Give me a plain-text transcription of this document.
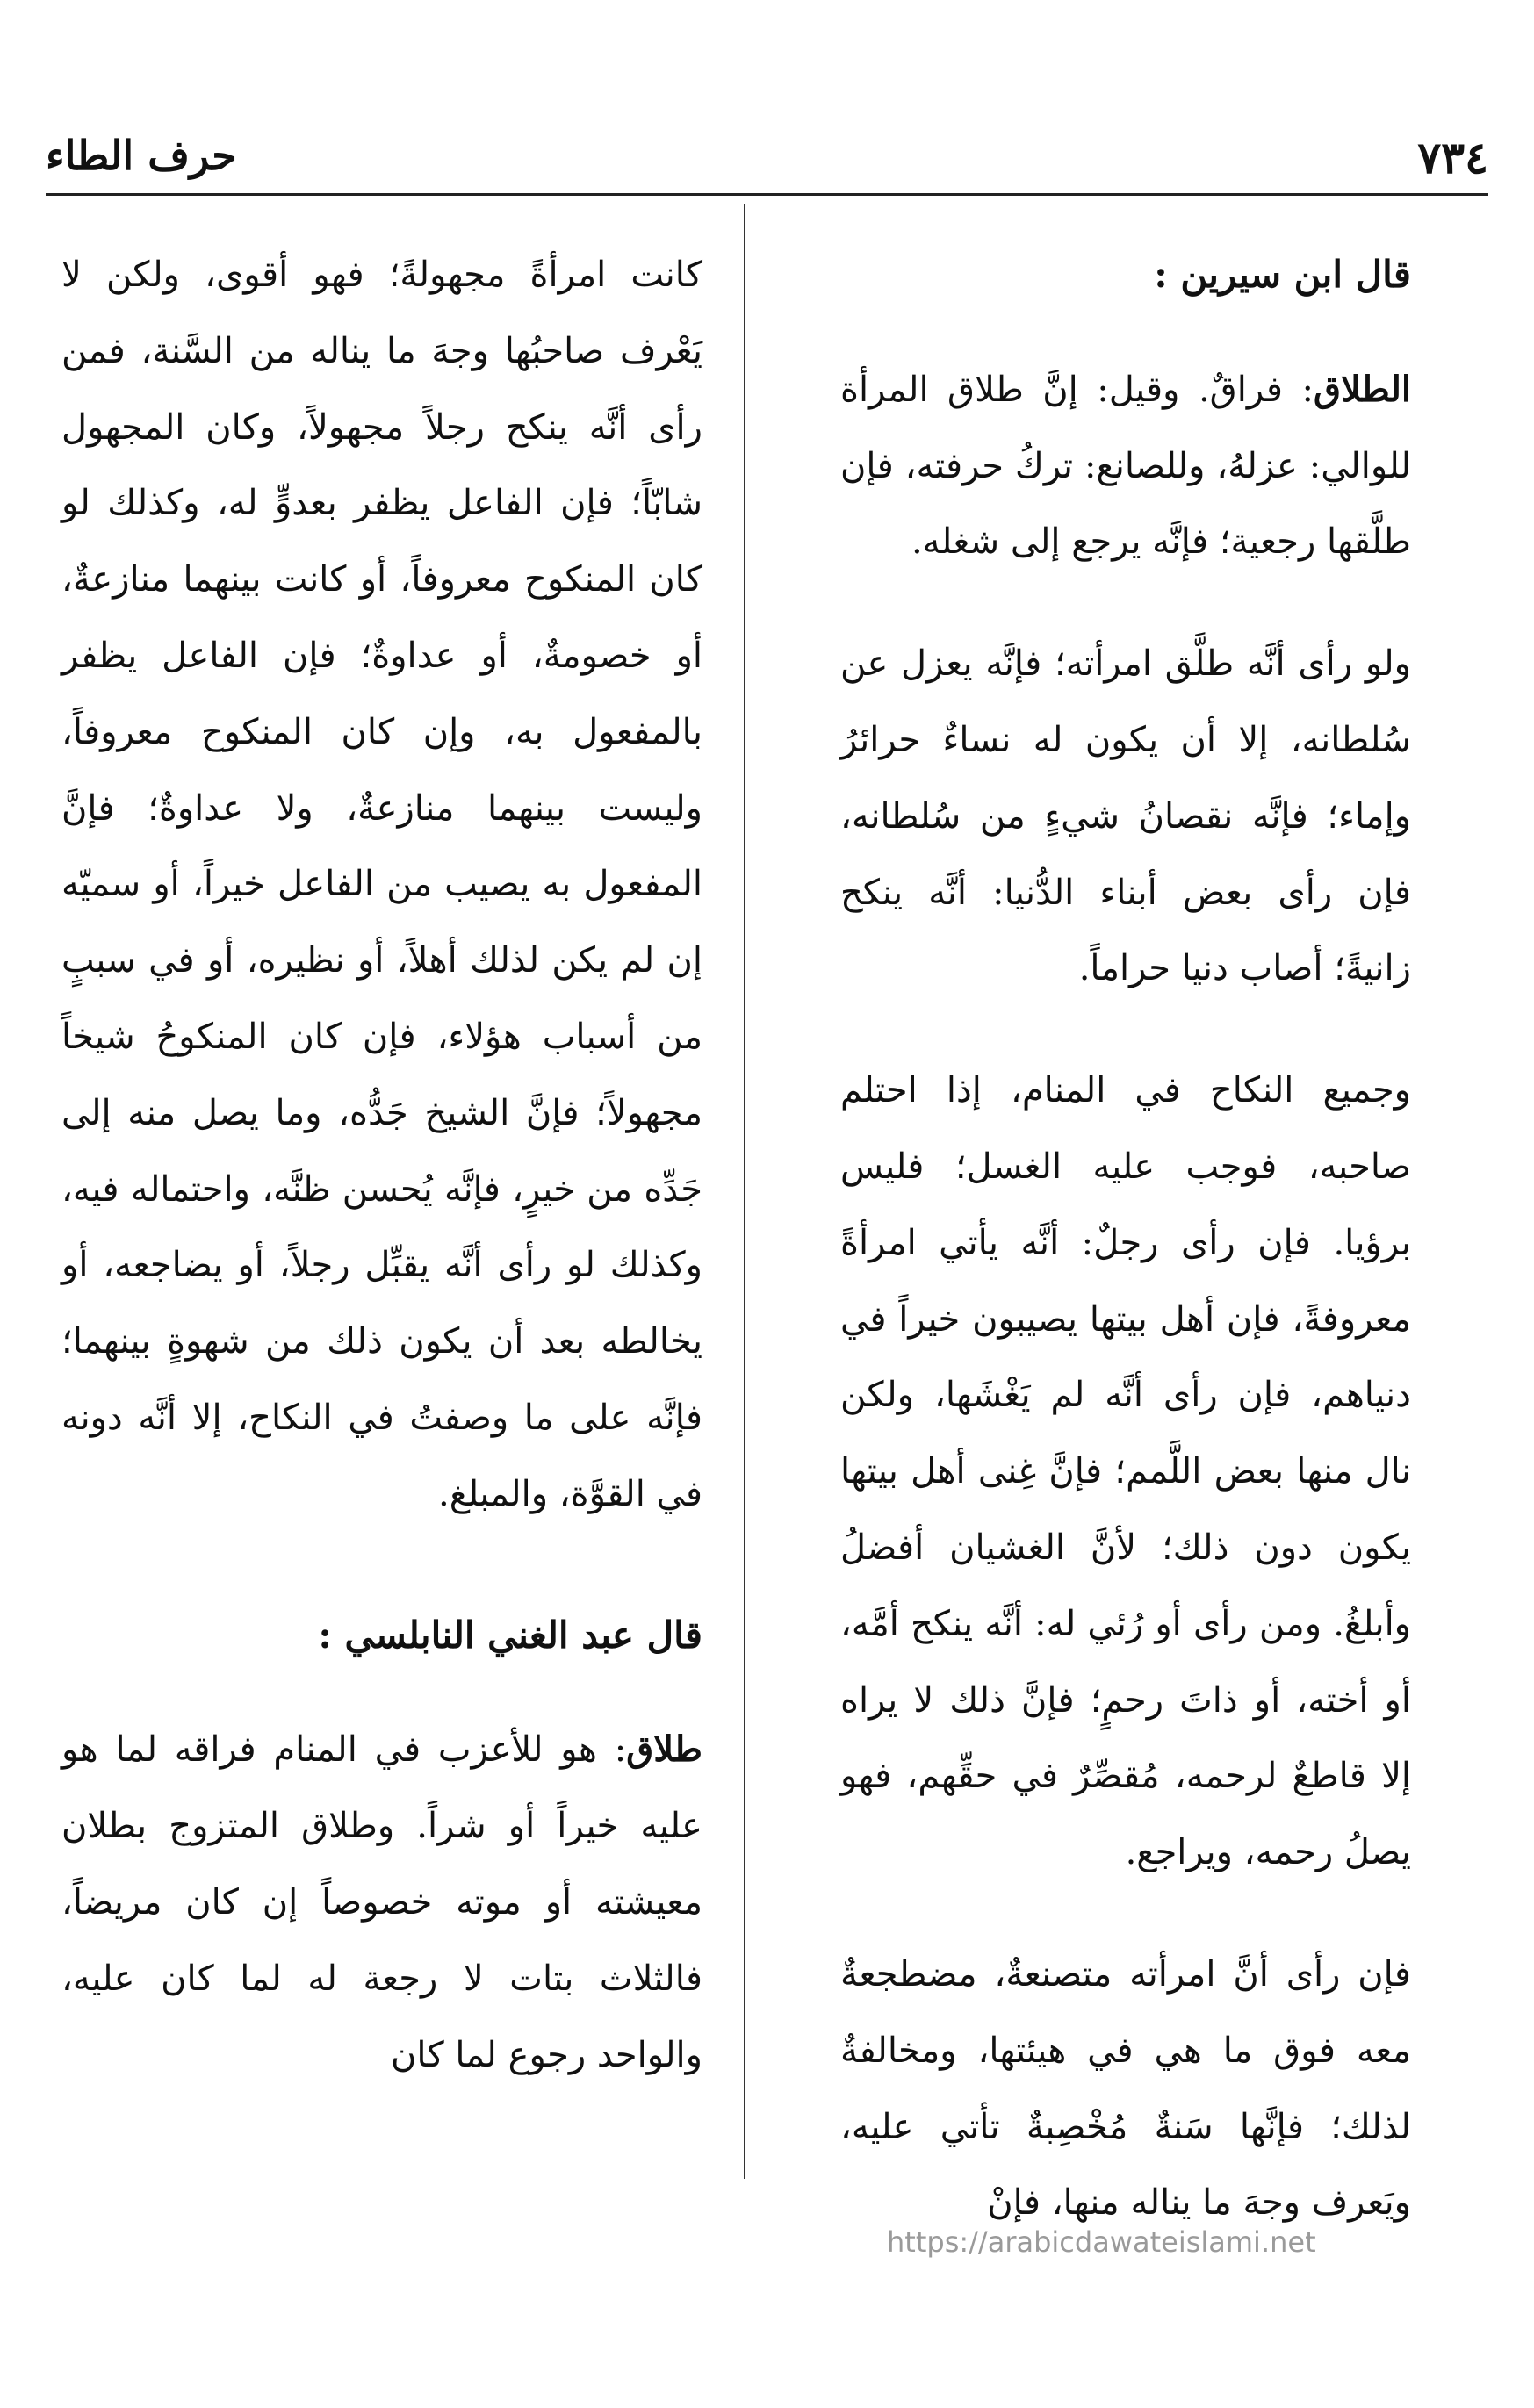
٧٣٤
حرف الطاء

قال ابن سيرين :

الطلاق: فراقٌ. وقيل: إنَّ طلاق المرأة للوالي: عزلهُ، وللصانع: تركُ حرفته، فإن طلَّقها رجعية؛ فإنَّه يرجع إلى شغله.

ولو رأى أنَّه طلَّق امرأته؛ فإنَّه يعزل عن سُلطانه، إلا أن يكون له نساءٌ حرائرُ وإماء؛ فإنَّه نقصانُ شيءٍ من سُلطانه، فإن رأى بعض أبناء الدُّنيا: أنَّه ينكح زانيةً؛ أصاب دنيا حراماً.

وجميع النكاح في المنام، إذا احتلم صاحبه، فوجب عليه الغسل؛ فليس برؤيا. فإن رأى رجلٌ: أنَّه يأتي امرأةً معروفةً، فإن أهل بيتها يصيبون خيراً في دنياهم، فإن رأى أنَّه لم يَغْشَها، ولكن نال منها بعض اللَّمم؛ فإنَّ غِنى أهل بيتها يكون دون ذلك؛ لأنَّ الغشيان أفضلُ وأبلغُ. ومن رأى أو رُئي له: أنَّه ينكح أمَّه، أو أخته، أو ذاتَ رحمٍ؛ فإنَّ ذلك لا يراه إلا قاطعٌ لرحمه، مُقصِّرٌ في حقِّهم، فهو يصلُ رحمه، ويراجع.

فإن رأى أنَّ امرأته متصنعةٌ، مضطجعةٌ معه فوق ما هي في هيئتها، ومخالفةٌ لذلك؛ فإنَّها سَنةٌ مُخْصِبةٌ تأتي عليه، ويَعرف وجهَ ما يناله منها، فإنْ

كانت امرأةً مجهولةً؛ فهو أقوى، ولكن لا يَعْرف صاحبُها وجهَ ما يناله من السَّنة، فمن رأى أنَّه ينكح رجلاً مجهولاً، وكان المجهول شابّاً؛ فإن الفاعل يظفر بعدوٍّ له، وكذلك لو كان المنكوح معروفاً، أو كانت بينهما منازعةٌ، أو خصومةٌ، أو عداوةٌ؛ فإن الفاعل يظفر بالمفعول به، وإن كان المنكوح معروفاً، وليست بينهما منازعةٌ، ولا عداوةٌ؛ فإنَّ المفعول به يصيب من الفاعل خيراً، أو سميّه إن لم يكن لذلك أهلاً، أو نظيره، أو في سببٍ من أسباب هؤلاء، فإن كان المنكوحُ شيخاً مجهولاً؛ فإنَّ الشيخ جَدُّه، وما يصل منه إلى جَدِّه من خيرٍ، فإنَّه يُحسن ظنَّه، واحتماله فيه، وكذلك لو رأى أنَّه يقبِّل رجلاً، أو يضاجعه، أو يخالطه بعد أن يكون ذلك من شهوةٍ بينهما؛ فإنَّه على ما وصفتُ في النكاح، إلا أنَّه دونه في القوَّة، والمبلغ.

قال عبد الغني النابلسي :

طلاق: هو للأعزب في المنام فراقه لما هو عليه خيراً أو شراً. وطلاق المتزوج بطلان معيشته أو موته خصوصاً إن كان مريضاً، فالثلاث بتات لا رجعة له لما كان عليه، والواحد رجوع لما كان

https://arabicdawateislami.net
